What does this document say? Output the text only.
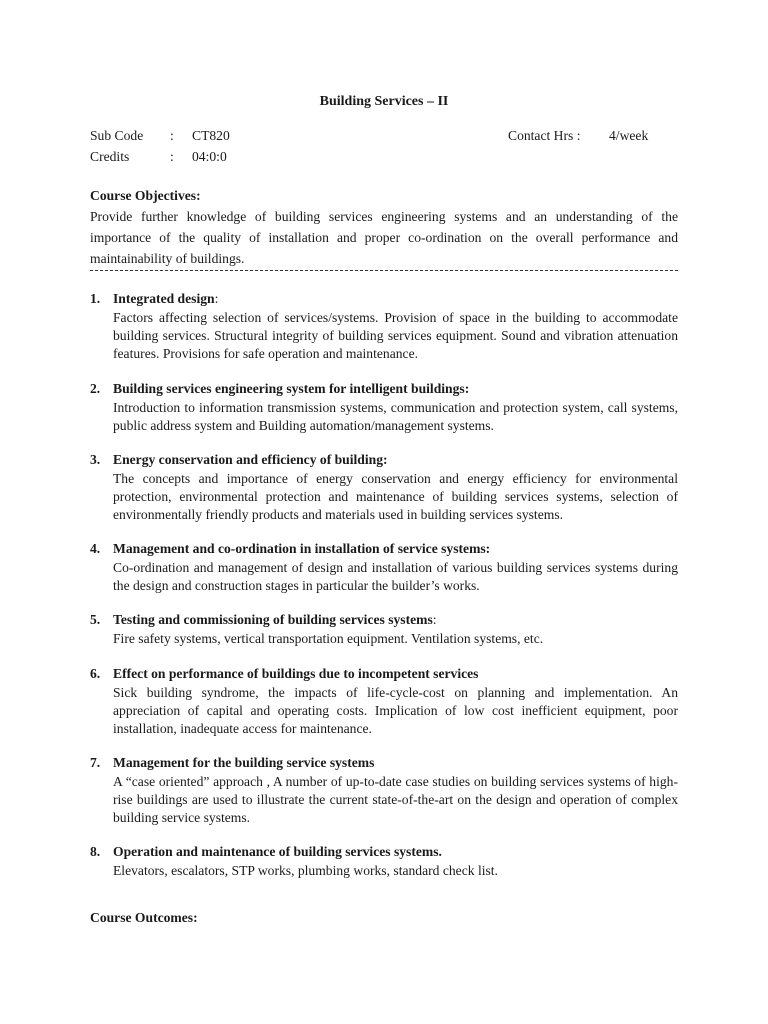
Building Services – II
Sub Code : CT820	Contact Hrs : 4/week
Credits	: 04:0:0
Course Objectives:
Provide further knowledge of building services engineering systems and an understanding of the importance of the quality of installation and proper co-ordination on the overall performance and maintainability of buildings.
1. Integrated design:
Factors affecting selection of services/systems. Provision of space in the building to accommodate building services. Structural integrity of building services equipment. Sound and vibration attenuation features. Provisions for safe operation and maintenance.
2. Building services engineering system for intelligent buildings:
Introduction to information transmission systems, communication and protection system, call systems, public address system and Building automation/management systems.
3. Energy conservation and efficiency of building:
The concepts and importance of energy conservation and energy efficiency for environmental protection, environmental protection and maintenance of building services systems, selection of environmentally friendly products and materials used in building services systems.
4. Management and co-ordination in installation of service systems:
Co-ordination and management of design and installation of various building services systems during the design and construction stages in particular the builder’s works.
5. Testing and commissioning of building services systems:
Fire safety systems, vertical transportation equipment. Ventilation systems, etc.
6. Effect on performance of buildings due to incompetent services
Sick building syndrome, the impacts of life-cycle-cost on planning and implementation. An appreciation of capital and operating costs. Implication of low cost inefficient equipment, poor installation, inadequate access for maintenance.
7. Management for the building service systems
A “case oriented” approach , A number of up-to-date case studies on building services systems of high-rise buildings are used to illustrate the current state-of-the-art on the design and operation of complex building service systems.
8. Operation and maintenance of building services systems.
Elevators, escalators, STP works, plumbing works, standard check list.
Course Outcomes:
